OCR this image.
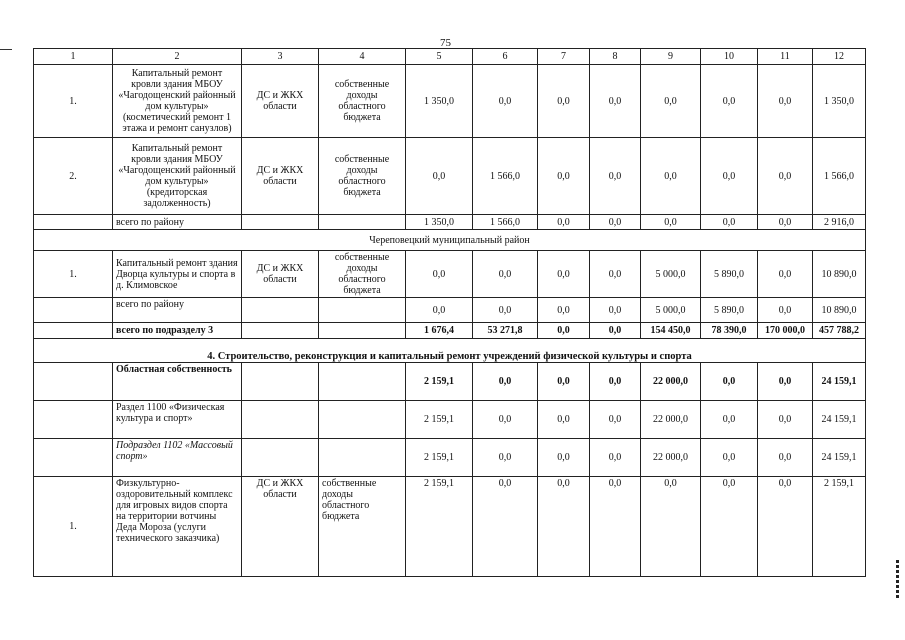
75
1	2	3	4	5	6	7	8	9	10	11	12
1.	Капитальный ремонт кровли здания МБОУ «Чагодощенский районный дом культуры» (косметический ремонт 1 этажа и ремонт санузлов)	ДС и ЖКХ области	собственные доходы областного бюджета	1 350,0	0,0	0,0	0,0	0,0	0,0	0,0	1 350,0
2.	Капитальный ремонт кровли здания МБОУ «Чагодощенский районный дом культуры» (кредиторская задолженность)	ДС и ЖКХ области	собственные доходы областного бюджета	0,0	1 566,0	0,0	0,0	0,0	0,0	0,0	1 566,0
	всего по району			1 350,0	1 566,0	0,0	0,0	0,0	0,0	0,0	2 916,0
Череповецкий муниципальный район											
1.	Капитальный ремонт здания Дворца культуры и спорта в д. Климовское	ДС и ЖКХ области	собственные доходы областного бюджета	0,0	0,0	0,0	0,0	5 000,0	5 890,0	0,0	10 890,0
	всего по району			0,0	0,0	0,0	0,0	5 000,0	5 890,0	0,0	10 890,0
	всего по подразделу 3			1 676,4	53 271,8	0,0	0,0	154 450,0	78 390,0	170 000,0	457 788,2
4. Строительство, реконструкция и капитальный ремонт учреждений физической культуры и спорта											
	Областная собственность			2 159,1	0,0	0,0	0,0	22 000,0	0,0	0,0	24 159,1
	Раздел 1100 «Физическая культура и спорт»			2 159,1	0,0	0,0	0,0	22 000,0	0,0	0,0	24 159,1
	Подраздел 1102 «Массовый спорт»			2 159,1	0,0	0,0	0,0	22 000,0	0,0	0,0	24 159,1
1.	Физкультурно-оздоровительный комплекс для игровых видов спорта на территории вотчины Деда Мороза (услуги технического заказчика)	ДС и ЖКХ области	собственные доходы областного бюджета	2 159,1	0,0	0,0	0,0	0,0	0,0	0,0	2 159,1
